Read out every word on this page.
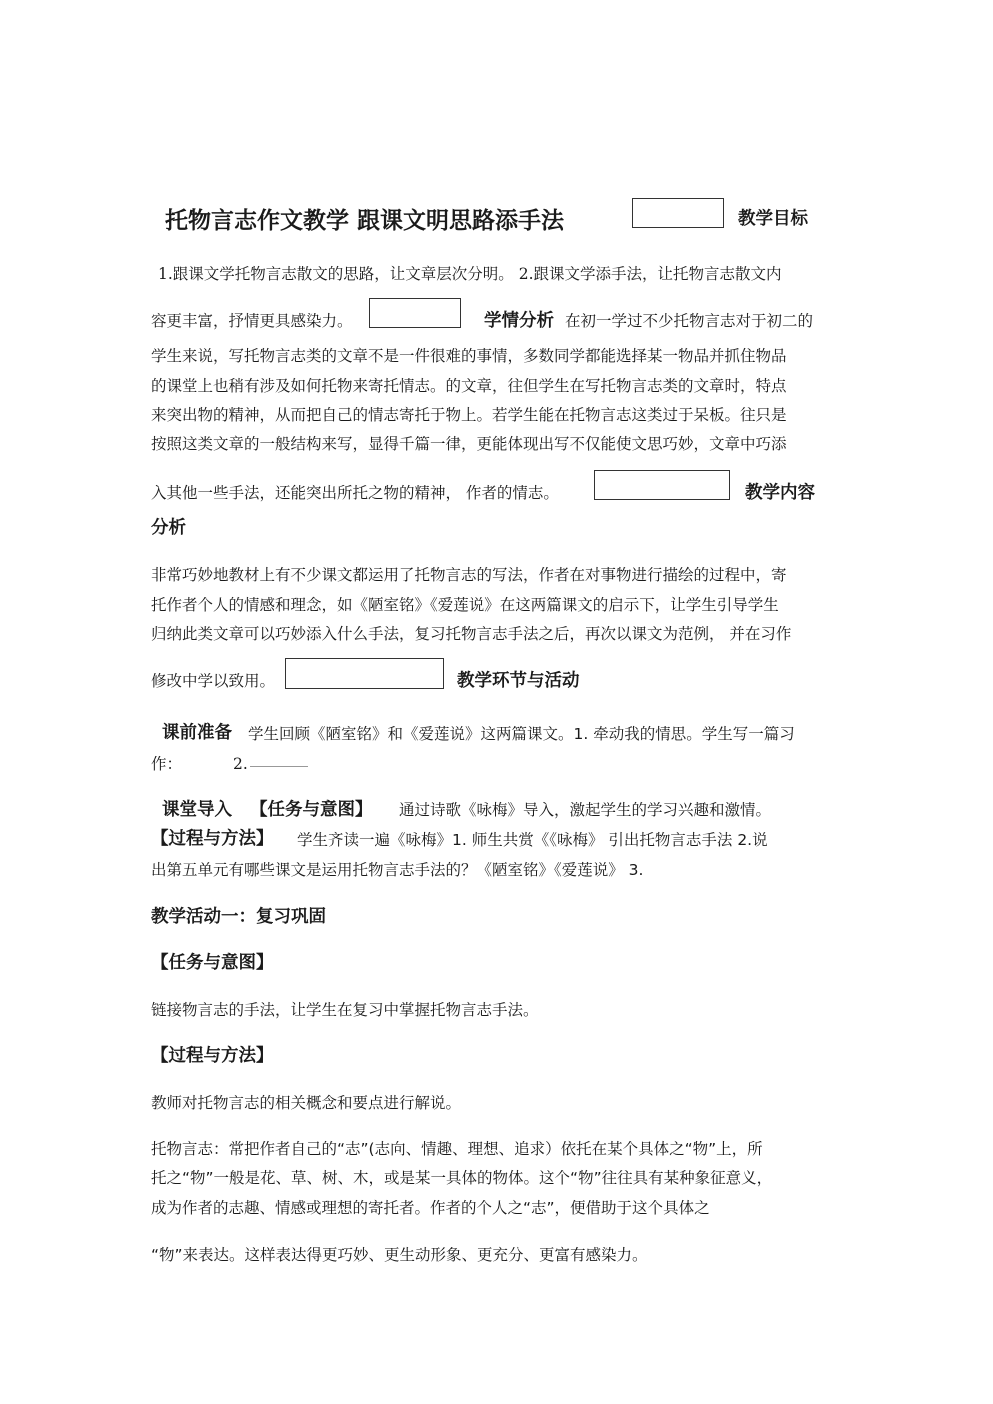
托物言志作文教学 跟课文明思路添手法	教学目标
1.跟课文学托物言志散文的思路，让文章层次分明。 2.跟课文学添手法，让托物言志散文内
容更丰富，抒情更具感染力。	学情分析 在初一学过不少托物言志对于初二的
学生来说，写托物言志类的文章不是一件很难的事情，多数同学都能选择某一物品并抓住物品
的课堂上也稍有涉及如何托物来寄托情志。的文章，往但学生在写托物言志类的文章时，特点
来突出物的精神，从而把自己的情志寄托于物上。若学生能在托物言志这类过于呆板。往只是
按照这类文章的一般结构来写，显得千篇一律，更能体现出写不仅能使文思巧妙，文章中巧添
入其他一些手法，还能突出所托之物的精神， 作者的情志。	教学内容
分析
非常巧妙地教材上有不少课文都运用了托物言志的写法，作者在对事物进行描绘的过程中，寄
托作者个人的情感和理念，如《陋室铭》《爱莲说》在这两篇课文的启示下，让学生引导学生
归纳此类文章可以巧妙添入什么手法，复习托物言志手法之后，再次以课文为范例， 并在习作
修改中学以致用。	教学环节与活动
课前准备 学生回顾《陋室铭》和《爱莲说》这两篇课文。1. 牵动我的情思。学生写一篇习
作：	2.
课堂导入 【任务与意图】 通过诗歌《咏梅》导入，激起学生的学习兴趣和激情。
【过程与方法】 学生齐读一遍《咏梅》1. 师生共赏《《咏梅》 引出托物言志手法 2.说
出第五单元有哪些课文是运用托物言志手法的？《陋室铭》《爱莲说》 3.
教学活动一：复习巩固
【任务与意图】
链接物言志的手法，让学生在复习中掌握托物言志手法。
【过程与方法】
教师对托物言志的相关概念和要点进行解说。
托物言志：常把作者自己的“志”(志向、情趣、理想、追求）依托在某个具体之“物”上，所
托之“物”一般是花、草、树、木，或是某一具体的物体。这个“物”往往具有某种象征意义，
成为作者的志趣、情感或理想的寄托者。作者的个人之“志”，便借助于这个具体之
“物”来表达。这样表达得更巧妙、更生动形象、更充分、更富有感染力。
